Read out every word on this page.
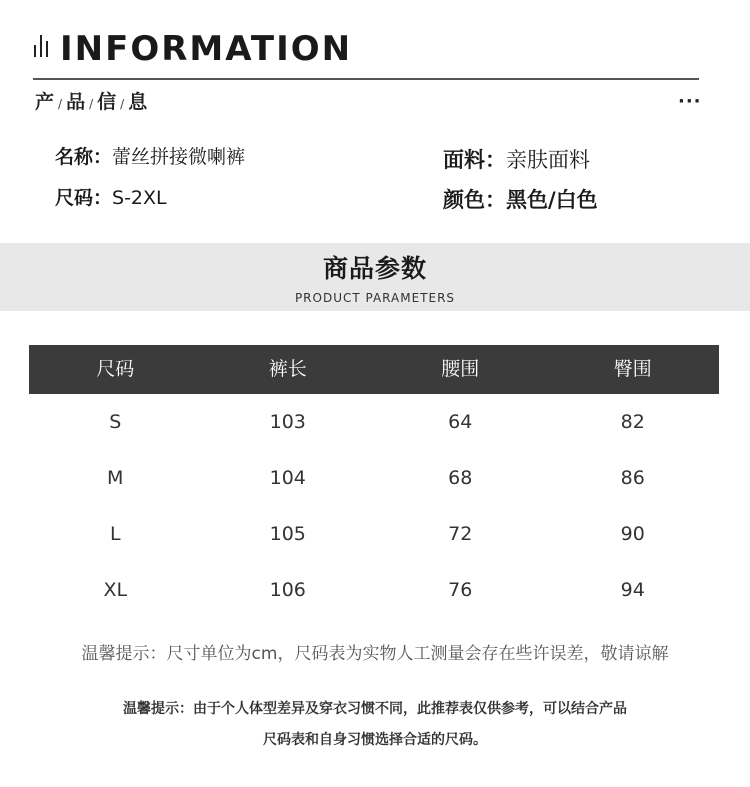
INFORMATION
产 / 品 / 信 / 息	···
名称：蕾丝拼接微喇裤
尺码：S-2XL
面料：亲肤面料
颜色：黑色/白色
商品参数
PRODUCT PARAMETERS
尺码	裤长	腰围	臀围
S	103	64	82
M	104	68	86
L	105	72	90
XL	106	76	94
温馨提示：尺寸单位为cm，尺码表为实物人工测量会存在些许误差，敬请谅解
温馨提示：由于个人体型差异及穿衣习惯不同，此推荐表仅供参考，可以结合产品
尺码表和自身习惯选择合适的尺码。
